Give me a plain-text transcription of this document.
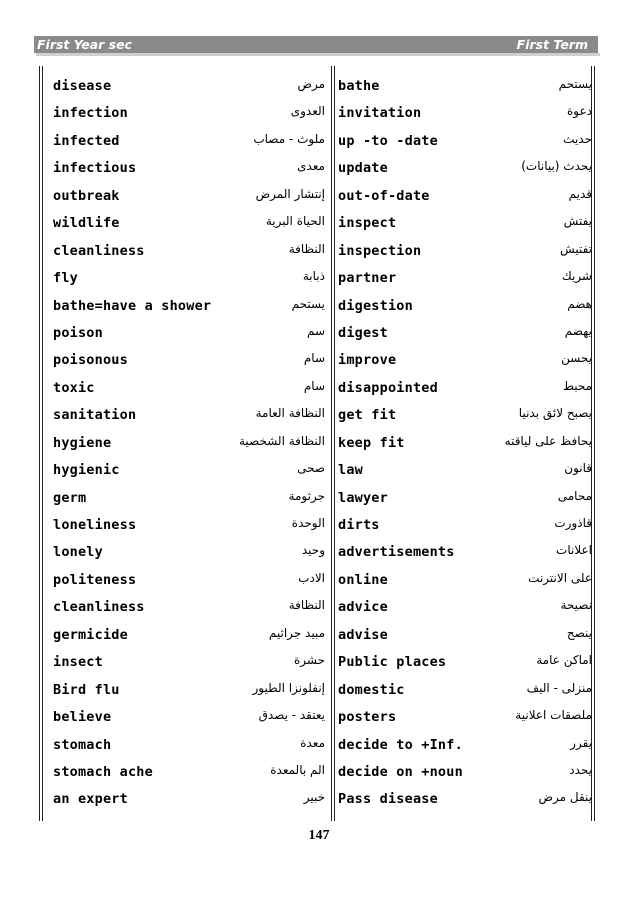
First Year sec	First Term
disease	مرض
infection	العدوى
infected	ملوث - مصاب
infectious	معدى
outbreak	إنتشار المرض
wildlife	الحياة البرية
cleanliness	النظافة
fly	ذبابة
bathe=have a shower	يستحم
poison	سم
poisonous	سام
toxic	سام
sanitation	النظافة العامة
hygiene	النظافة الشخصية
hygienic	صحى
germ	جرثومة
loneliness	الوحدة
lonely	وحيد
politeness	الادب
cleanliness	النظافة
germicide	مبيد جراثيم
insect	حشرة
Bird flu	إنفلونزا الطيور
believe	يعتقد - يصدق
stomach	معدة
stomach ache	الم بالمعدة
an expert	خبير
bathe	يستحم
invitation	دعوة
up -to -date	حديث
update	يحدث (بيانات)
out-of-date	قديم
inspect	يفتش
inspection	تفتيش
partner	شريك
digestion	هضم
digest	يهضم
improve	يحسن
disappointed	محبط
get fit	يصبح لائق بدنيا
keep fit	يحافظ على لياقته
law	قانون
lawyer	محامى
dirts	قاذورت
advertisements	اعلانات
online	على الانترنت
advice	نصيحة
advise	ينصح
Public places	اماكن عامة
domestic	منزلى - اليف
posters	ملصقات اعلانية
decide to +Inf.	يقرر
decide on +noun	يحدد
Pass disease	ينقل مرض
147
